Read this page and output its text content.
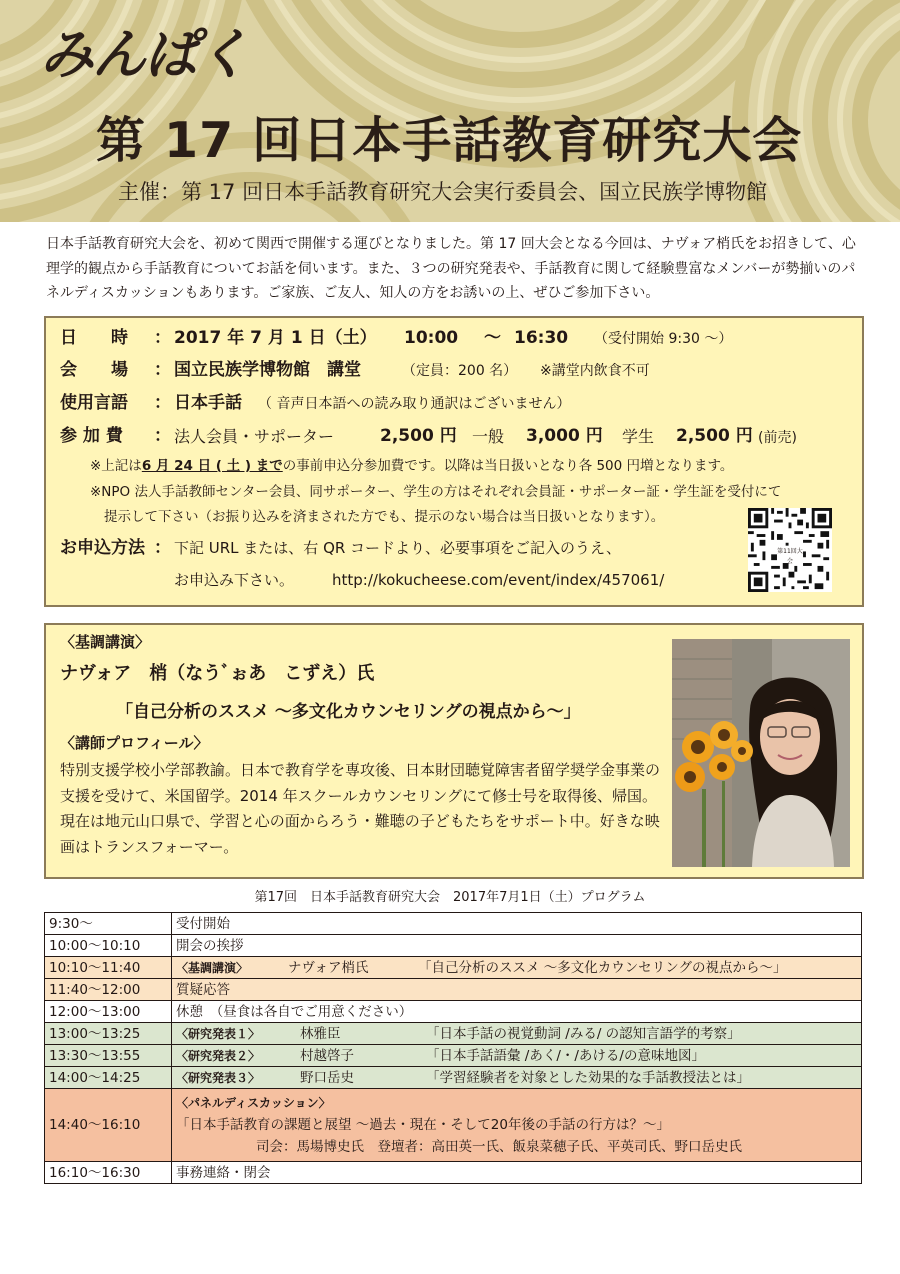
みんぱく
第 17 回日本手話教育研究大会
主催：第 17 回日本手話教育研究大会実行委員会、国立民族学博物館
日本手話教育研究大会を、初めて関西で開催する運びとなりました。第 17 回大会となる今回は、ナヴォア梢氏をお招きして、心理学的観点から手話教育についてお話を伺います。また、３つの研究発表や、手話教育に関して経験豊富なメンバーが勢揃いのパネルディスカッションもあります。ご家族、ご友人、知人の方をお誘いの上、ぜひご参加下さい。
日　　時 ： 2017 年 7 月 1 日（土） 10:00 ～ 16:30 （受付開始 9:30 ～）
会　　場 ： 国立民族学博物館　講堂	（定員：200 名） ※講堂内飲食不可
使用言語 ： 日本手話 （ 音声日本語への読み取り通訳はございません）
参 加 費 ： 法人会員・サポーター	2,500 円 一般 3,000 円 学生 2,500 円 (前売)
※上記は6 月 24 日 ( 土 ) までの事前申込分参加費です。以降は当日扱いとなり各 500 円増となります。
※NPO 法人手話教師センター会員、同サポーター、学生の方はそれぞれ会員証・サポーター証・学生証を受付にて
提示して下さい（お振り込みを済まされた方でも、提示のない場合は当日扱いとなります）。
お申込方法 ： 下記 URL または、右 QR コードより、必要事項をご記入のうえ、
お申込み下さい。	http://kokucheese.com/event/index/457061/
第11回大会
〈基調講演〉
ナヴォア　梢（なうﾞぉあ　こずえ）氏
「自己分析のススメ ～多文化カウンセリングの視点から～」
〈講師プロフィール〉
特別支援学校小学部教諭。日本で教育学を専攻後、日本財団聴覚障害者留学奨学金事業の支援を受けて、米国留学。2014 年スクールカウンセリングにて修士号を取得後、帰国。現在は地元山口県で、学習と心の面からろう・難聴の子どもたちをサポート中。好きな映画はトランスフォーマー。
第17回　日本手話教育研究大会　2017年7月1日（土）プログラム
9:30～	受付開始
10:00～10:10	開会の挨拶
10:10～11:40	〈基調講演〉 ナヴォア梢氏 「自己分析のススメ ～多文化カウンセリングの視点から～」
11:40～12:00	質疑応答
12:00～13:00	休憩　（昼食は各自でご用意ください）
13:00～13:25	〈研究発表１〉 林雅臣 「日本手話の視覚動詞 /みる/ の認知言語学的考察」
13:30～13:55	〈研究発表２〉 村越啓子 「日本手話語彙 /あく/・/あける/の意味地図」
14:00～14:25	〈研究発表３〉 野口岳史 「学習経験者を対象とした効果的な手話教授法とは」
14:40～16:10	〈パネルディスカッション〉
「日本手話教育の課題と展望 ～過去・現在・そして20年後の手話の行方は？～」
司会：馬場博史氏　登壇者：高田英一氏、飯泉菜穂子氏、平英司氏、野口岳史氏

16:10～16:30	事務連絡・閉会
